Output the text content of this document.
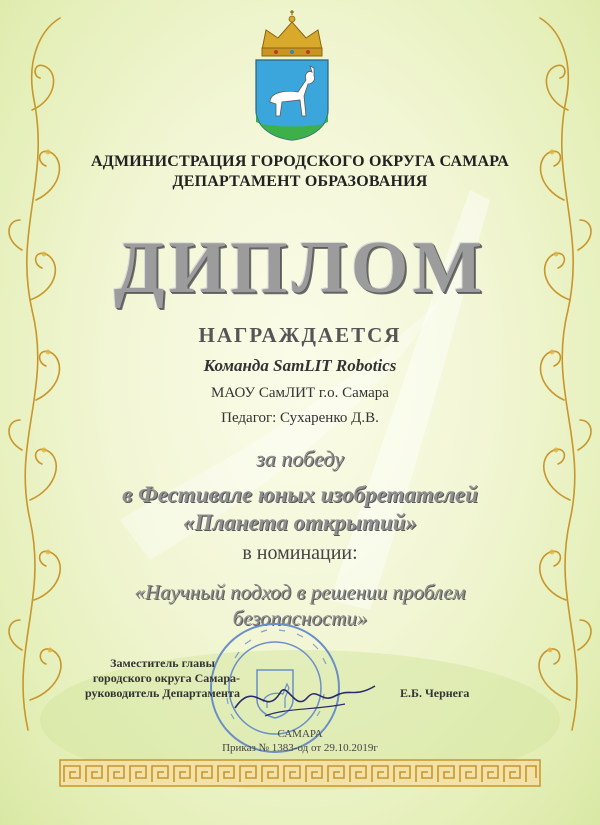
АДМИНИСТРАЦИЯ ГОРОДСКОГО ОКРУГА САМАРА
ДЕПАРТАМЕНТ ОБРАЗОВАНИЯ
ДИПЛОМ
НАГРАЖДАЕТСЯ
Команда SamLIT Robotics
МАОУ СамЛИТ г.о. Самара
Педагог: Сухаренко Д.В.
за победу
в Фестивале юных изобретателей
«Планета открытий»
в номинации:
«Научный подход в решении проблем
безопасности»
Заместитель главы
городского округа Самара-
руководитель Департамента	Е.Б. Чернега
САМАРА
Приказ № 1383-од от 29.10.2019г
